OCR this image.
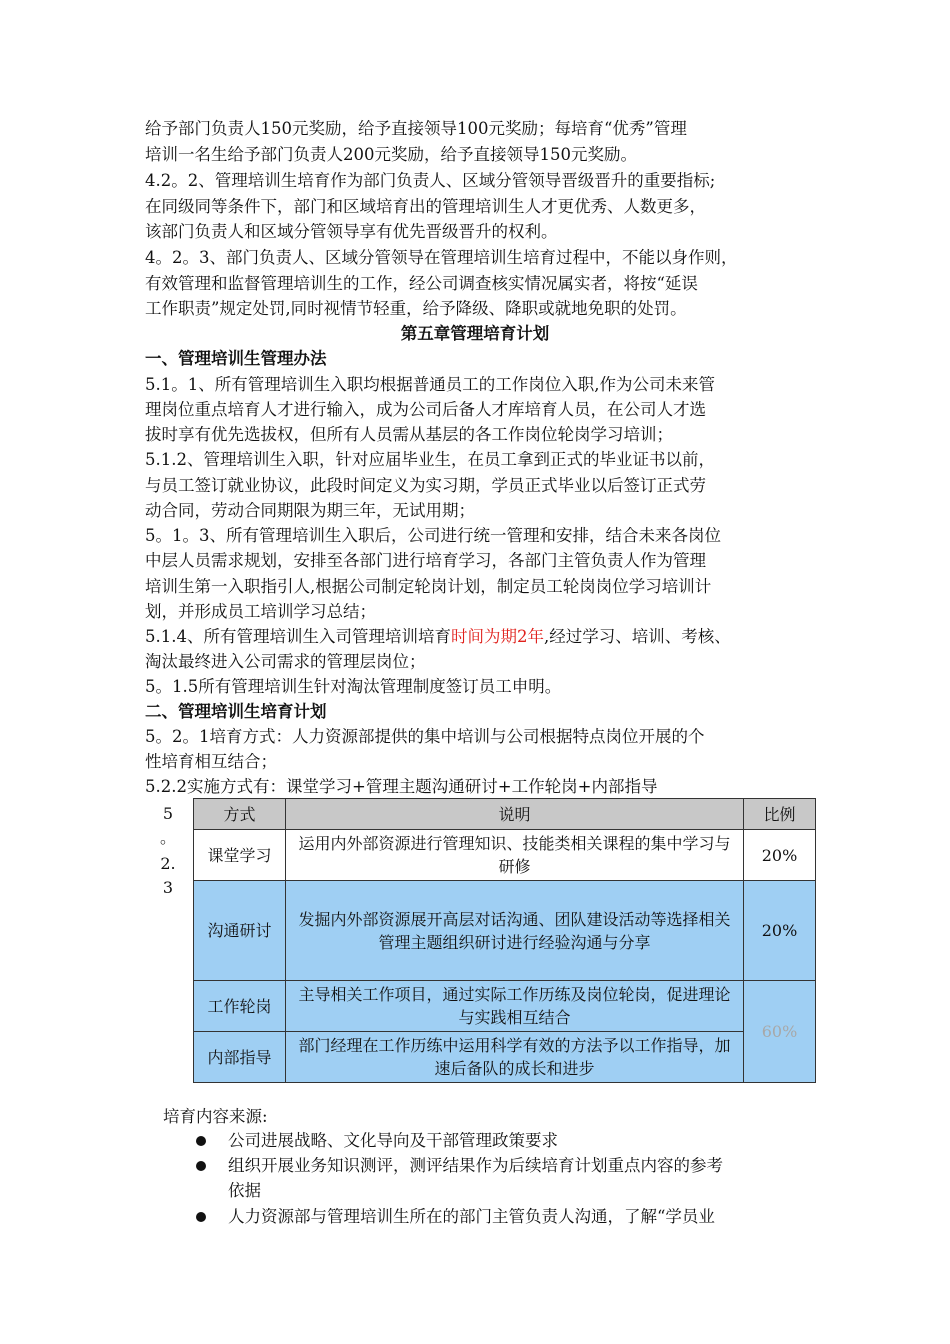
给予部门负责人150元奖励，给予直接领导100元奖励；每培育“优秀”管理
培训一名生给予部门负责人200元奖励，给予直接领导150元奖励。
4.2。2、管理培训生培育作为部门负责人、区域分管领导晋级晋升的重要指标;
在同级同等条件下，部门和区域培育出的管理培训生人才更优秀、人数更多，
该部门负责人和区域分管领导享有优先晋级晋升的权利。
4。2。3、部门负责人、区域分管领导在管理培训生培育过程中，不能以身作则，
有效管理和监督管理培训生的工作，经公司调查核实情况属实者，将按“延误
工作职责”规定处罚,同时视情节轻重，给予降级、降职或就地免职的处罚。
第五章管理培育计划
一、管理培训生管理办法
5.1。1、所有管理培训生入职均根据普通员工的工作岗位入职,作为公司未来管
理岗位重点培育人才进行输入，成为公司后备人才库培育人员，在公司人才选
拔时享有优先选拔权，但所有人员需从基层的各工作岗位轮岗学习培训；
5.1.2、管理培训生入职，针对应届毕业生，在员工拿到正式的毕业证书以前，
与员工签订就业协议，此段时间定义为实习期，学员正式毕业以后签订正式劳
动合同，劳动合同期限为期三年，无试用期；
5。1。3、所有管理培训生入职后，公司进行统一管理和安排，结合未来各岗位
中层人员需求规划，安排至各部门进行培育学习，各部门主管负责人作为管理
培训生第一入职指引人,根据公司制定轮岗计划，制定员工轮岗岗位学习培训计
划，并形成员工培训学习总结；
5.1.4、所有管理培训生入司管理培训培育时间为期2年,经过学习、培训、考核、
淘汰最终进入公司需求的管理层岗位；
5。1.5所有管理培训生针对淘汰管理制度签订员工申明。
二、管理培训生培育计划
5。2。1培育方式：人力资源部提供的集中培训与公司根据特点岗位开展的个
性培育相互结合；
5.2.2实施方式有：课堂学习+管理主题沟通研讨+工作轮岗+内部指导
5
。
2.
3
方式	说明	比例
课堂学习	运用内外部资源进行管理知识、技能类相关课程的集中学习与研修	20%
沟通研讨	发掘内外部资源展开高层对话沟通、团队建设活动等选择相关管理主题组织研讨进行经验沟通与分享	20%
工作轮岗	主导相关工作项目，通过实际工作历练及岗位轮岗，促进理论与实践相互结合	60%
内部指导	部门经理在工作历练中运用科学有效的方法予以工作指导，加速后备队的成长和进步	
培育内容来源:
公司进展战略、文化导向及干部管理政策要求
组织开展业务知识测评，测评结果作为后续培育计划重点内容的参考
依据
人力资源部与管理培训生所在的部门主管负责人沟通，了解“学员业
